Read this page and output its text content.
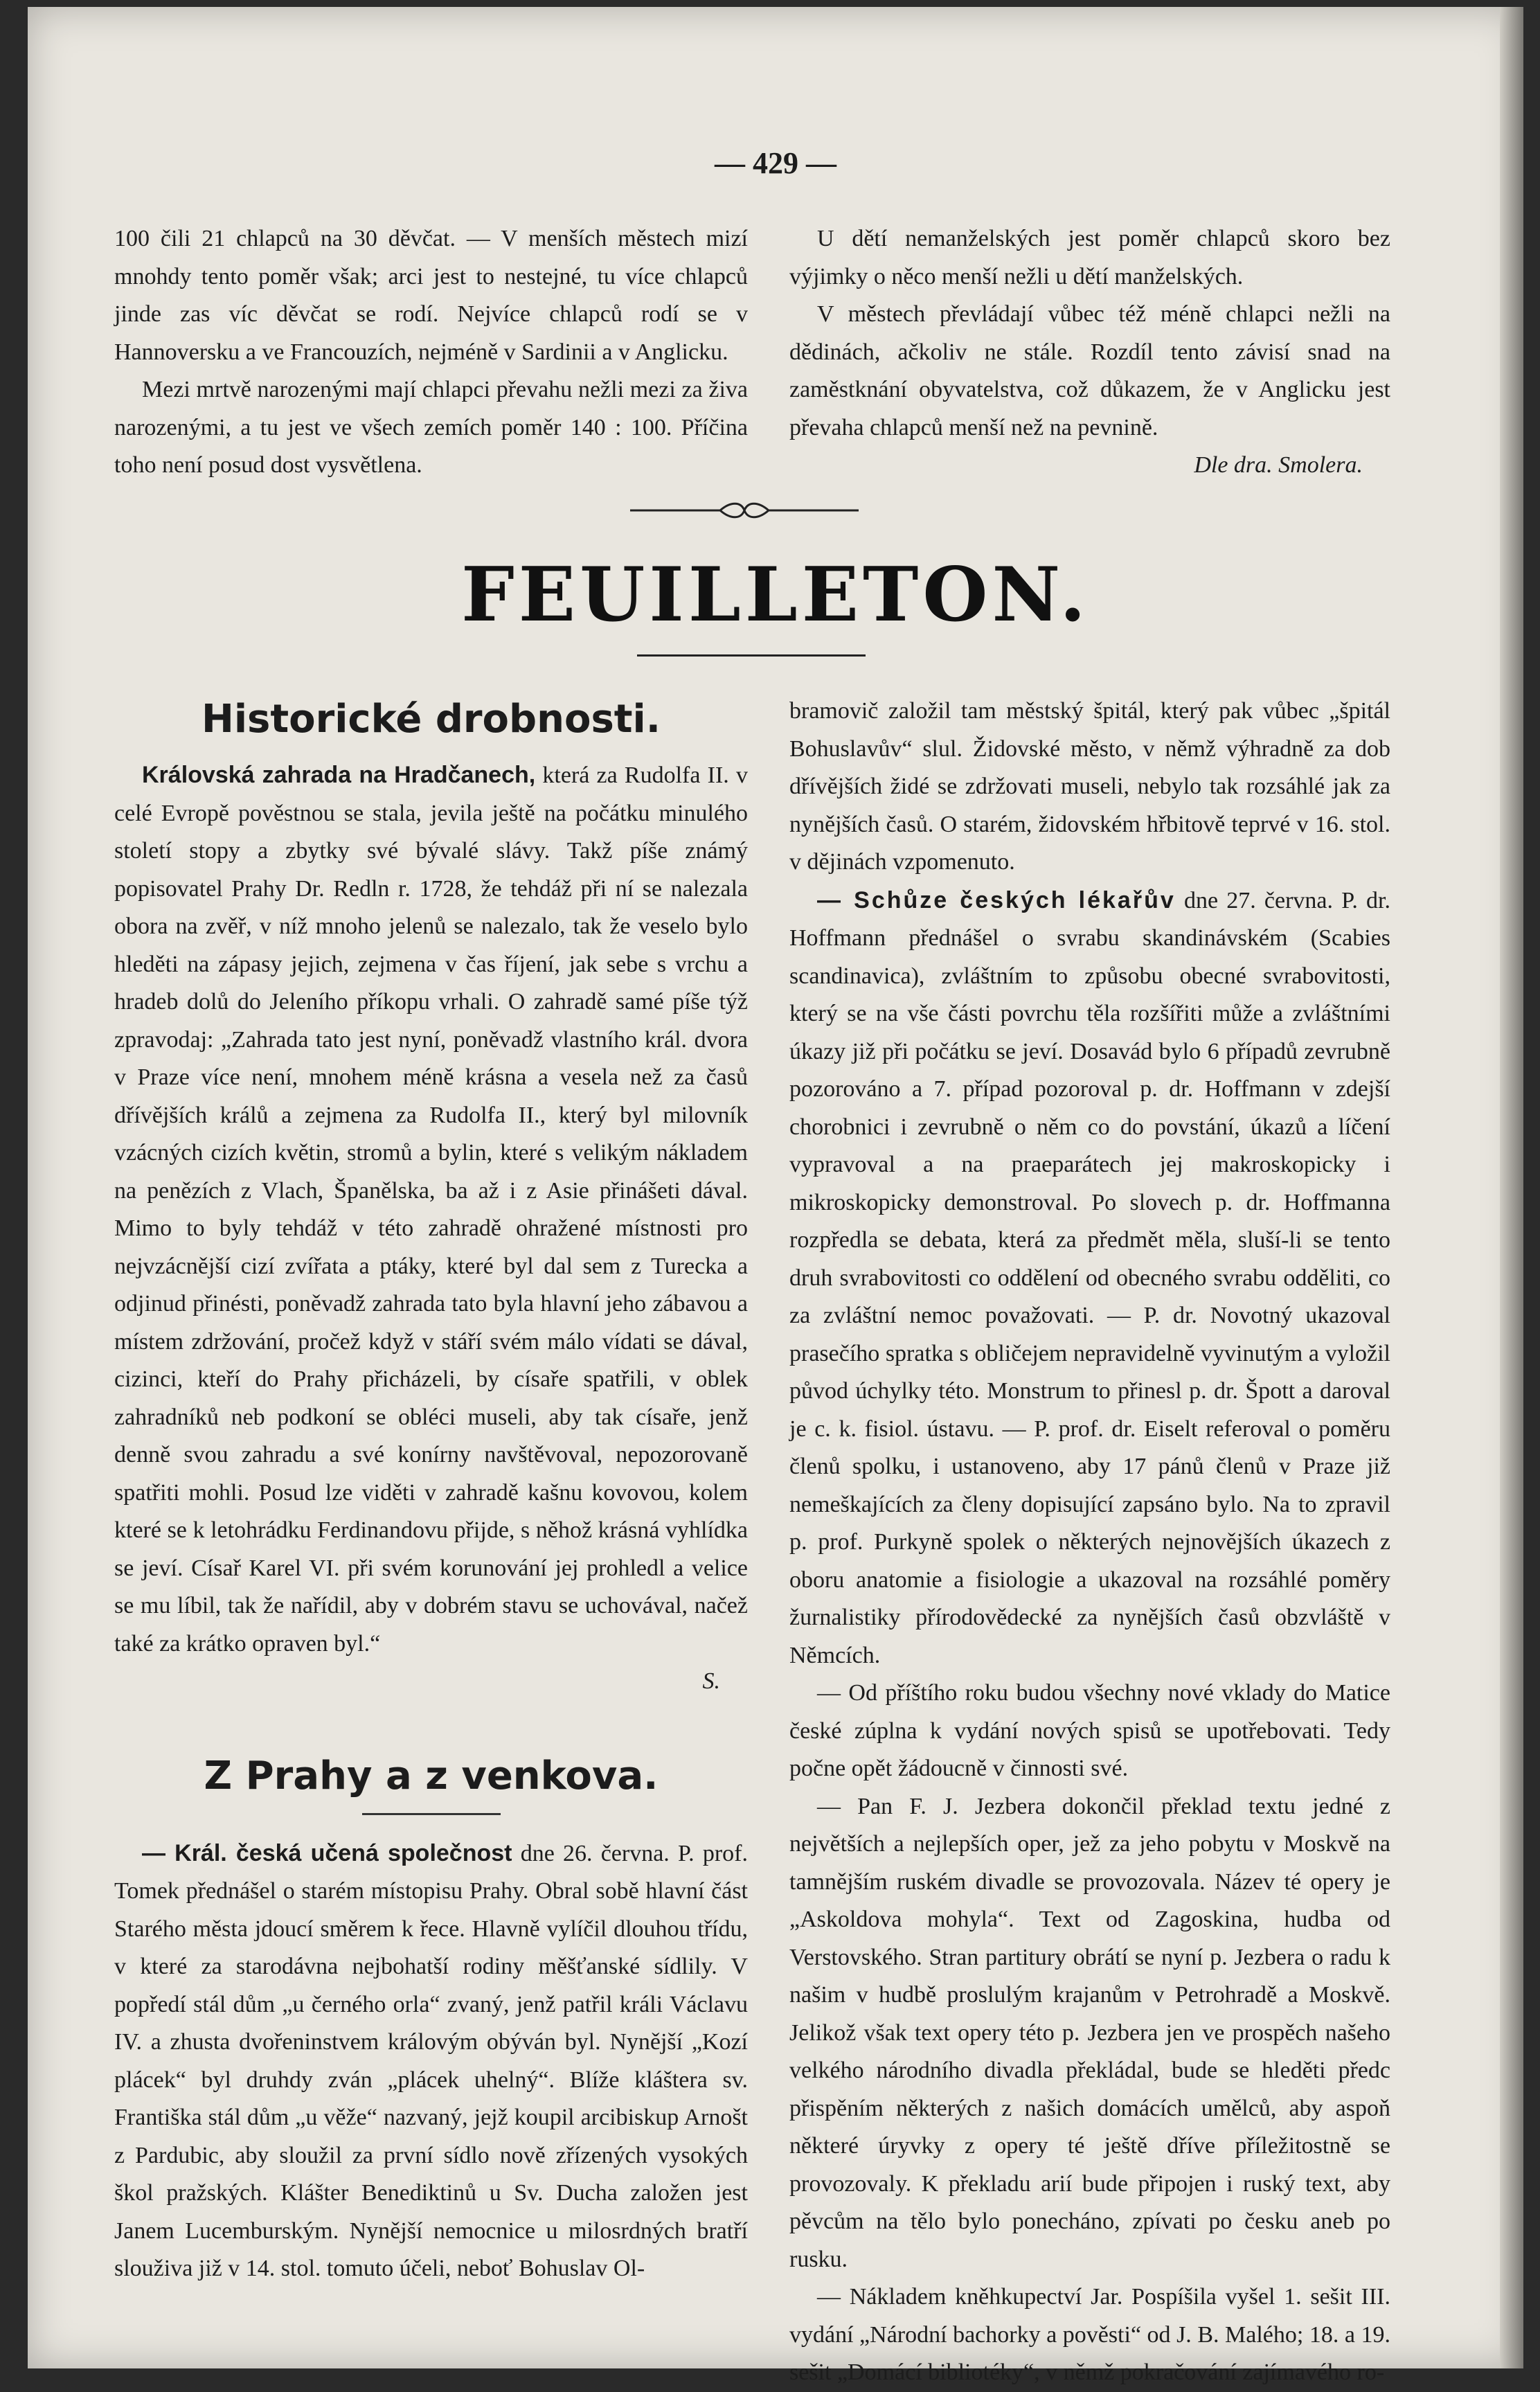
— 429 —

100 čili 21 chlapců na 30 děvčat. — V menších městech mizí mnohdy tento poměr však; arci jest to nestejné, tu více chlapců jinde zas víc děvčat se rodí. Nejvíce chlapců rodí se v Hannoversku a ve Francouzích, nejméně v Sardinii a v Anglicku.

Mezi mrtvě narozenými mají chlapci převahu nežli mezi za živa narozenými, a tu jest ve všech zemích poměr 140 : 100. Příčina toho není posud dost vysvětlena.

U dětí nemanželských jest poměr chlapců skoro bez výjimky o něco menší nežli u dětí manželských.

V městech převládají vůbec též méně chlapci nežli na dědinách, ačkoliv ne stále. Rozdíl tento závisí snad na zaměstknání obyvatelstva, což důkazem, že v Anglicku jest převaha chlapců menší než na pevnině.

Dle dra. Smolera.

FEUILLETON.
Historické drobnosti.

Královská zahrada na Hradčanech, která za Rudolfa II. v celé Evropě pověstnou se stala, jevila ještě na počátku minulého století stopy a zbytky své bývalé slávy. Takž píše známý popisovatel Prahy Dr. Redln r. 1728, že tehdáž při ní se nalezala obora na zvěř, v níž mnoho jelenů se nalezalo, tak že veselo bylo hleděti na zápasy jejich, zejmena v čas říjení, jak sebe s vrchu a hradeb dolů do Jeleního příkopu vrhali. O zahradě samé píše týž zpravodaj: „Zahrada tato jest nyní, poněvadž vlastního král. dvora v Praze více není, mnohem méně krásna a vesela než za časů dřívějších králů a zejmena za Rudolfa II., který byl milovník vzácných cizích květin, stromů a bylin, které s velikým nákladem na penězích z Vlach, Španělska, ba až i z Asie přinášeti dával. Mimo to byly tehdáž v této zahradě ohražené místnosti pro nejvzácnější cizí zvířata a ptáky, které byl dal sem z Turecka a odjinud přinésti, poněvadž zahrada tato byla hlavní jeho zábavou a místem zdržování, pročež když v stáří svém málo vídati se dával, cizinci, kteří do Prahy přicházeli, by císaře spatřili, v oblek zahradníků neb podkoní se obléci museli, aby tak císaře, jenž denně svou zahradu a své konírny navštěvoval, nepozorovaně spatřiti mohli. Posud lze viděti v zahradě kašnu kovovou, kolem které se k letohrádku Ferdinandovu přijde, s něhož krásná vyhlídka se jeví. Císař Karel VI. při svém korunování jej prohledl a velice se mu líbil, tak že nařídil, aby v dobrém stavu se uchovával, načež také za krátko opraven byl.“

S.

Z Prahy a z venkova.

— Král. česká učená společnost dne 26. června. P. prof. Tomek přednášel o starém místopisu Prahy. Obral sobě hlavní část Starého města jdoucí směrem k řece. Hlavně vylíčil dlouhou třídu, v které za starodávna nejbohatší rodiny měšťanské sídlily. V popředí stál dům „u černého orla“ zvaný, jenž patřil králi Václavu IV. a zhusta dvořeninstvem královým obýván byl. Nynější „Kozí plácek“ byl druhdy zván „plácek uhelný“. Blíže kláštera sv. Františka stál dům „u věže“ nazvaný, jejž koupil arcibiskup Arnošt z Pardubic, aby sloužil za první sídlo nově zřízených vysokých škol pražských. Klášter Benediktinů u Sv. Ducha založen jest Janem Lucemburským. Nynější nemocnice u milosrdných bratří slouživa již v 14. stol. tomuto účeli, neboť Bohuslav Ol-

bramovič založil tam městský špitál, který pak vůbec „špitál Bohuslavův“ slul. Židovské město, v němž výhradně za dob dřívějších židé se zdržovati museli, nebylo tak rozsáhlé jak za nynějších časů. O starém, židovském hřbitově teprvé v 16. stol. v dějinách vzpomenuto.

— Schůze českých lékařův dne 27. června. P. dr. Hoffmann přednášel o svrabu skandinávském (Scabies scandinavica), zvláštním to způsobu obecné svrabovitosti, který se na vše části povrchu těla rozšířiti může a zvláštními úkazy již při počátku se jeví. Dosavád bylo 6 případů zevrubně pozorováno a 7. případ pozoroval p. dr. Hoffmann v zdejší chorobnici i zevrubně o něm co do povstání, úkazů a líčení vypravoval a na praeparátech jej makroskopicky i mikroskopicky demonstroval. Po slovech p. dr. Hoffmanna rozpředla se debata, která za předmět měla, sluší-li se tento druh svrabovitosti co oddělení od obecného svrabu odděliti, co za zvláštní nemoc považovati. — P. dr. Novotný ukazoval prasečího spratka s obličejem nepravidelně vyvinutým a vyložil původ úchylky této. Monstrum to přinesl p. dr. Špott a daroval je c. k. fisiol. ústavu. — P. prof. dr. Eiselt referoval o poměru členů spolku, i ustanoveno, aby 17 pánů členů v Praze již nemeškajících za členy dopisující zapsáno bylo. Na to zpravil p. prof. Purkyně spolek o některých nejnovějších úkazech z oboru anatomie a fisiologie a ukazoval na rozsáhlé poměry žurnalistiky přírodovědecké za nynějších časů obzvláště v Němcích.

— Od příštího roku budou všechny nové vklady do Matice české zúplna k vydání nových spisů se upotřebovati. Tedy počne opět žádoucně v činnosti své.

— Pan F. J. Jezbera dokončil překlad textu jedné z největších a nejlepších oper, jež za jeho pobytu v Moskvě na tamnějším ruském divadle se provozovala. Název té opery je „Askoldova mohyla“. Text od Zagoskina, hudba od Verstovského. Stran partitury obrátí se nyní p. Jezbera o radu k našim v hudbě proslulým krajanům v Petrohradě a Moskvě. Jelikož však text opery této p. Jezbera jen ve prospěch našeho velkého národního divadla překládal, bude se hleděti předc přispěním některých z našich domácích umělců, aby aspoň některé úryvky z opery té ještě dříve příležitostně se provozovaly. K překladu arií bude připojen i ruský text, aby pěvcům na tělo bylo ponecháno, zpívati po česku aneb po rusku.

— Nákladem kněhkupectví Jar. Pospíšila vyšel 1. sešit III. vydání „Národní bachorky a pověsti“ od J. B. Malého; 18. a 19. sešit „Domácí bibliotéky“, v němž pokračování zajímavého ro-
